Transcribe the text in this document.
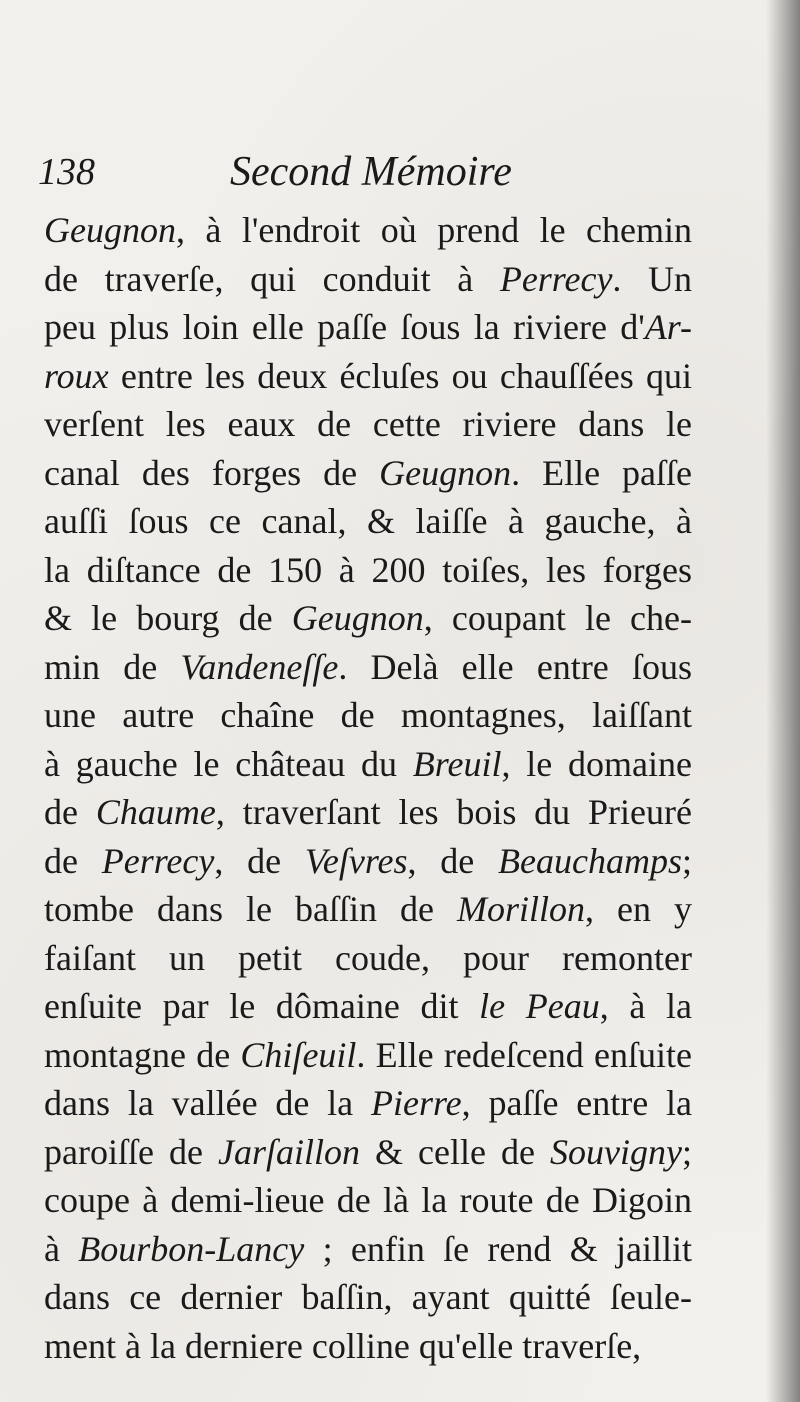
138	Second Mémoire
Geugnon, à l'endroit où prend le chemin
de traverſe, qui conduit à Perrecy. Un
peu plus loin elle paſſe ſous la riviere d'Ar-
roux entre les deux écluſes ou chauſſées qui
verſent les eaux de cette riviere dans le
canal des forges de Geugnon. Elle paſſe
auſſi ſous ce canal, & laiſſe à gauche, à
la diſtance de 150 à 200 toiſes, les forges
& le bourg de Geugnon, coupant le che-
min de Vandeneſſe. Delà elle entre ſous
une autre chaîne de montagnes, laiſſant
à gauche le château du Breuil, le domaine
de Chaume, traverſant les bois du Prieuré
de Perrecy, de Veſvres, de Beauchamps;
tombe dans le baſſin de Morillon, en y
faiſant un petit coude, pour remonter
enſuite par le dômaine dit le Peau, à la
montagne de Chiſeuil. Elle redeſcend enſuite
dans la vallée de la Pierre, paſſe entre la
paroiſſe de Jarſaillon & celle de Souvigny;
coupe à demi-lieue de là la route de Digoin
à Bourbon-Lancy ; enfin ſe rend & jaillit
dans ce dernier baſſin, ayant quitté ſeule-
ment à la derniere colline qu'elle traverſe,
